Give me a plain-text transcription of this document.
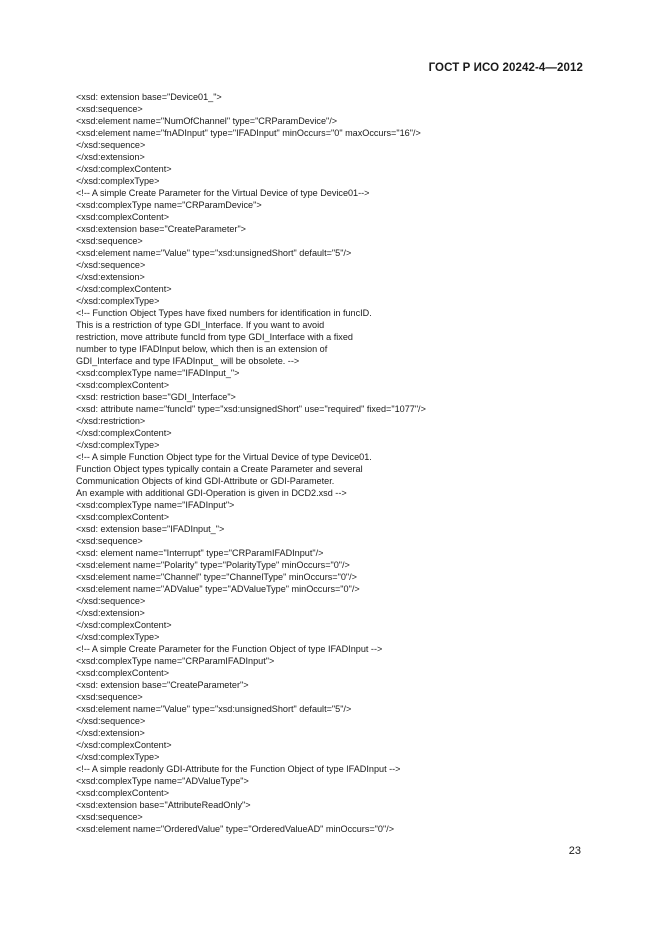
ГОСТ Р ИСО 20242-4—2012
<xsd: extension base="Device01_">
<xsd:sequence>
<xsd:element name="NumOfChannel" type="CRParamDevice"/>
<xsd:element name="fnADInput" type="IFADInput" minOccurs="0" maxOccurs="16"/>
</xsd:sequence>
</xsd:extension>
</xsd:complexContent>
</xsd:complexType>
<!-- A simple Create Parameter for the Virtual Device of type Device01-->
<xsd:complexType name="CRParamDevice">
<xsd:complexContent>
<xsd:extension base="CreateParameter">
<xsd:sequence>
<xsd:element name="Value" type="xsd:unsignedShort" default="5"/>
</xsd:sequence>
</xsd:extension>
</xsd:complexContent>
</xsd:complexType>
<!-- Function Object Types have fixed numbers for identification in funcID.
This is a restriction of type GDI_Interface. If you want to avoid
restriction, move attribute funcId from type GDI_Interface with a fixed
number to type IFADInput below, which then is an extension of
GDI_Interface and type IFADInput_ will be obsolete. -->
<xsd:complexType name="IFADInput_">
<xsd:complexContent>
<xsd: restriction base="GDI_Interface">
<xsd: attribute name="funcId" type="xsd:unsignedShort" use="required" fixed="1077"/>
</xsd:restriction>
</xsd:complexContent>
</xsd:complexType>
<!-- A simple Function Object type for the Virtual Device of type Device01.
Function Object types typically contain a Create Parameter and several
Communication Objects of kind GDI-Attribute or GDI-Parameter.
An example with additional GDI-Operation is given in DCD2.xsd -->
<xsd:complexType name="IFADInput">
<xsd:complexContent>
<xsd: extension base="IFADInput_">
<xsd:sequence>
<xsd: element name="Interrupt" type="CRParamIFADInput"/>
<xsd:element name="Polarity" type="PolarityType" minOccurs="0"/>
<xsd:element name="Channel" type="ChannelType" minOccurs="0"/>
<xsd:element name="ADValue" type="ADValueType" minOccurs="0"/>
</xsd:sequence>
</xsd:extension>
</xsd:complexContent>
</xsd:complexType>
<!-- A simple Create Parameter for the Function Object of type IFADInput -->
<xsd:complexType name="CRParamIFADInput">
<xsd:complexContent>
<xsd: extension base="CreateParameter">
<xsd:sequence>
<xsd:element name="Value" type="xsd:unsignedShort" default="5"/>
</xsd:sequence>
</xsd:extension>
</xsd:complexContent>
</xsd:complexType>
<!-- A simple readonly GDI-Attribute for the Function Object of type IFADInput -->
<xsd:complexType name="ADValueType">
<xsd:complexContent>
<xsd:extension base="AttributeReadOnly">
<xsd:sequence>
<xsd:element name="OrderedValue" type="OrderedValueAD" minOccurs="0"/>
23
